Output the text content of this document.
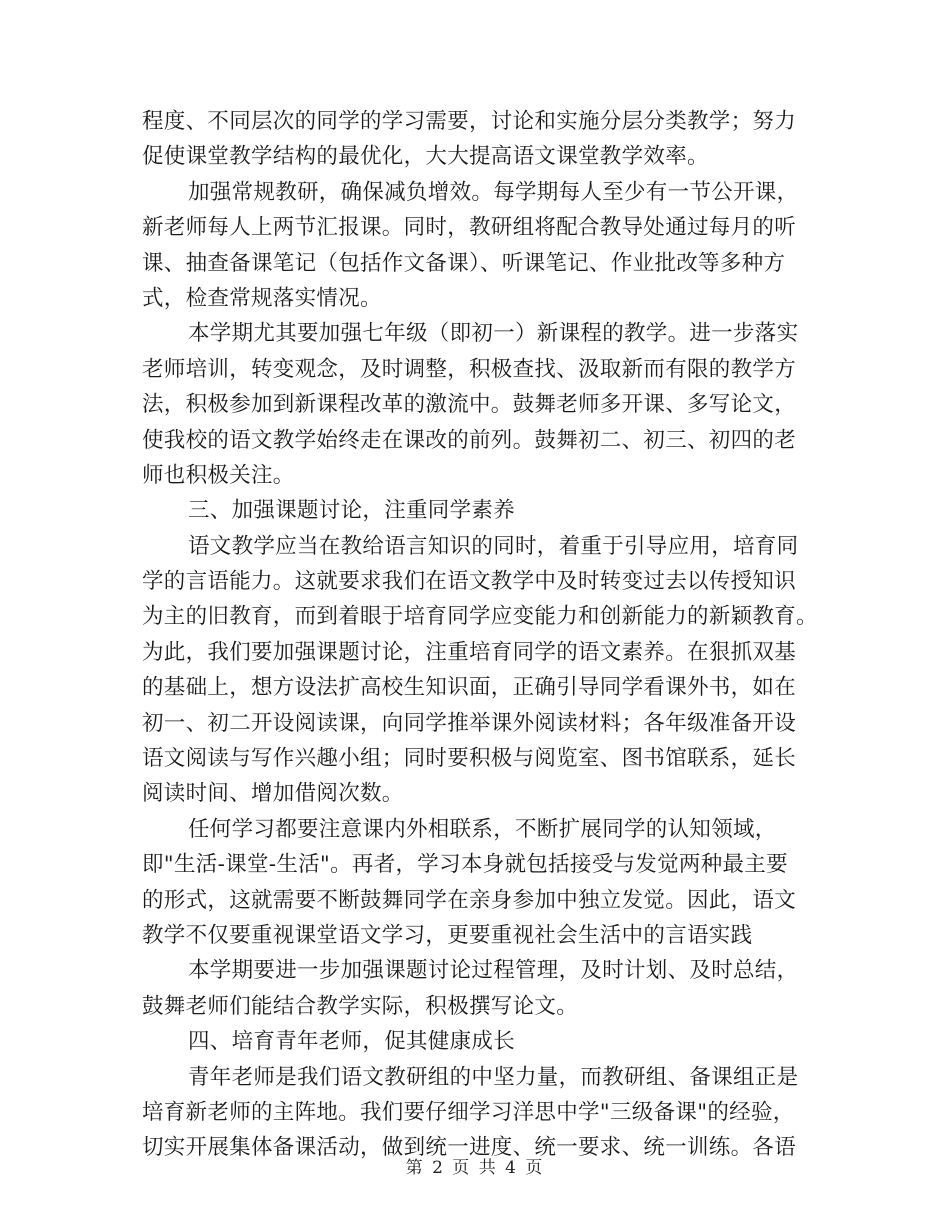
程度、不同层次的同学的学习需要，讨论和实施分层分类教学；努力
促使课堂教学结构的最优化，大大提高语文课堂教学效率。
加强常规教研，确保减负增效。每学期每人至少有一节公开课，
新老师每人上两节汇报课。同时，教研组将配合教导处通过每月的听
课、抽查备课笔记（包括作文备课）、听课笔记、作业批改等多种方
式，检查常规落实情况。
本学期尤其要加强七年级（即初一）新课程的教学。进一步落实
老师培训，转变观念，及时调整，积极查找、汲取新而有限的教学方
法，积极参加到新课程改革的激流中。鼓舞老师多开课、多写论文，
使我校的语文教学始终走在课改的前列。鼓舞初二、初三、初四的老
师也积极关注。
三、加强课题讨论，注重同学素养
语文教学应当在教给语言知识的同时，着重于引导应用，培育同
学的言语能力。这就要求我们在语文教学中及时转变过去以传授知识
为主的旧教育，而到着眼于培育同学应变能力和创新能力的新颖教育。
为此，我们要加强课题讨论，注重培育同学的语文素养。在狠抓双基
的基础上，想方设法扩高校生知识面，正确引导同学看课外书，如在
初一、初二开设阅读课，向同学推举课外阅读材料；各年级准备开设
语文阅读与写作兴趣小组；同时要积极与阅览室、图书馆联系，延长
阅读时间、增加借阅次数。
任何学习都要注意课内外相联系，不断扩展同学的认知领域，
即"生活-课堂-生活"。再者，学习本身就包括接受与发觉两种最主要
的形式，这就需要不断鼓舞同学在亲身参加中独立发觉。因此，语文
教学不仅要重视课堂语文学习，更要重视社会生活中的言语实践
本学期要进一步加强课题讨论过程管理，及时计划、及时总结，
鼓舞老师们能结合教学实际，积极撰写论文。
四、培育青年老师，促其健康成长
青年老师是我们语文教研组的中坚力量，而教研组、备课组正是
培育新老师的主阵地。我们要仔细学习洋思中学"三级备课"的经验，
切实开展集体备课活动，做到统一进度、统一要求、统一训练。各语
第 2 页 共 4 页
